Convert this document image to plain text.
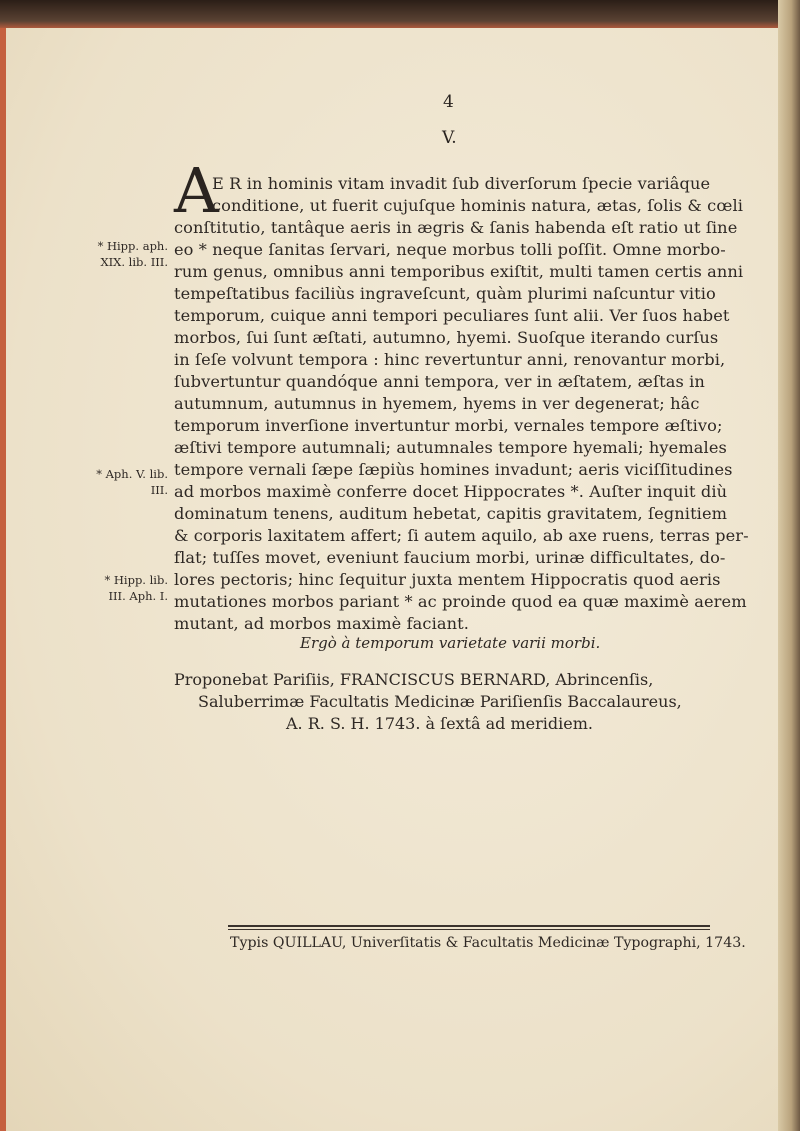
4
V.
A
E R in hominis vitam invadit ſub diverſorum ſpecie variâque
conditione, ut fuerit cujuſque hominis natura, ætas, ſolis & cœli
conſtitutio, tantâque aeris in ægris & ſanis habenda eſt ratio ut ſine
eo * neque ſanitas ſervari, neque morbus tolli poſſit. Omne morbo-
rum genus, omnibus anni temporibus exiſtit, multi tamen certis anni
tempeſtatibus faciliùs ingraveſcunt, quàm plurimi naſcuntur vitio
temporum, cuique anni tempori peculiares ſunt alii. Ver ſuos habet
morbos, ſui ſunt æſtati, autumno, hyemi. Suoſque iterando curſus
in ſeſe volvunt tempora : hinc revertuntur anni, renovantur morbi,
ſubvertuntur quandóque anni tempora, ver in æſtatem, æſtas in
autumnum, autumnus in hyemem, hyems in ver degenerat; hâc
temporum inverſione invertuntur morbi, vernales tempore æſtivo;
æſtivi tempore autumnali; autumnales tempore hyemali; hyemales
tempore vernali ſæpe ſæpiùs homines invadunt; aeris viciſſitudines
ad morbos maximè conferre docet Hippocrates *. Auſter inquit diù
dominatum tenens, auditum hebetat, capitis gravitatem, ſegnitiem
& corporis laxitatem affert; ſi autem aquilo, ab axe ruens, terras per-
flat; tuſſes movet, eveniunt faucium morbi, urinæ difficultates, do-
lores pectoris; hinc ſequitur juxta mentem Hippocratis quod aeris
mutationes morbos pariant * ac proinde quod ea quæ maximè aerem
mutant, ad morbos maximè faciant.
* Hipp. aph. XIX. lib. III.
* Aph. V. lib. III.
* Hipp. lib. III. Aph. I.
Ergò à temporum varietate varii morbi.
Proponebat Pariſiis, FRANCISCUS BERNARD, Abrincenſis,
Saluberrimæ Facultatis Medicinæ Pariſienſis Baccalaureus,
A. R. S. H. 1743. à ſextâ ad meridiem.
Typis QUILLAU, Univerſitatis & Facultatis Medicinæ Typographi, 1743.
